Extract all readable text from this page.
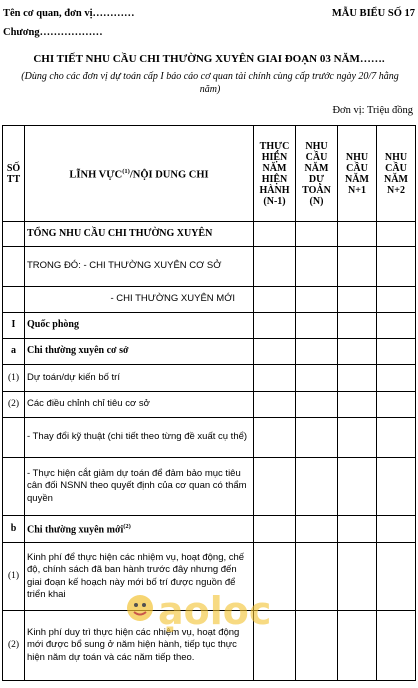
Tên cơ quan, đơn vị…………
Chương………………
MẪU BIỂU SỐ 17
CHI TIẾT NHU CẦU CHI THƯỜNG XUYÊN GIAI ĐOẠN 03 NĂM…….
(Dùng cho các đơn vị dự toán cấp I báo cáo cơ quan tài chính cùng cấp trước ngày 20/7 hằng năm)
Đơn vị: Triệu đồng
SỐ TT	LĨNH VỰC$^{(1)}$/NỘI DUNG CHI	THỰC HIỆN NĂM HIỆN HÀNH (N-1)	NHU CẦU NĂM DỰ TOÁN (N)	NHU CẦU NĂM N+1	NHU CẦU NĂM N+2
	TỔNG NHU CẦU CHI THƯỜNG XUYÊN				
	TRONG ĐÓ: - CHI THƯỜNG XUYÊN CƠ SỞ				
	- CHI THƯỜNG XUYÊN MỚI				
I	Quốc phòng				
a	Chi thường xuyên cơ sở				
(1)	Dự toán/dự kiến bố trí				
(2)	Các điều chỉnh chỉ tiêu cơ sở				
	- Thay đổi kỹ thuật (chi tiết theo từng đề xuất cụ thể)				
	- Thực hiện cắt giảm dự toán để đảm bảo mục tiêu cân đối NSNN theo quyết định của cơ quan có thẩm quyền				
b	Chi thường xuyên mới$^{(2)}$				
(1)	Kinh phí để thực hiện các nhiệm vụ, hoạt động, chế độ, chính sách đã ban hành trước đây nhưng đến giai đoạn kế hoạch này mới bố trí được nguồn để triển khai				
(2)	Kinh phí duy trì thực hiện các nhiệm vụ, hoạt động mới được bổ sung ở năm hiện hành, tiếp tục thực hiện năm dự toán và các năm tiếp theo.				
ạoloc
